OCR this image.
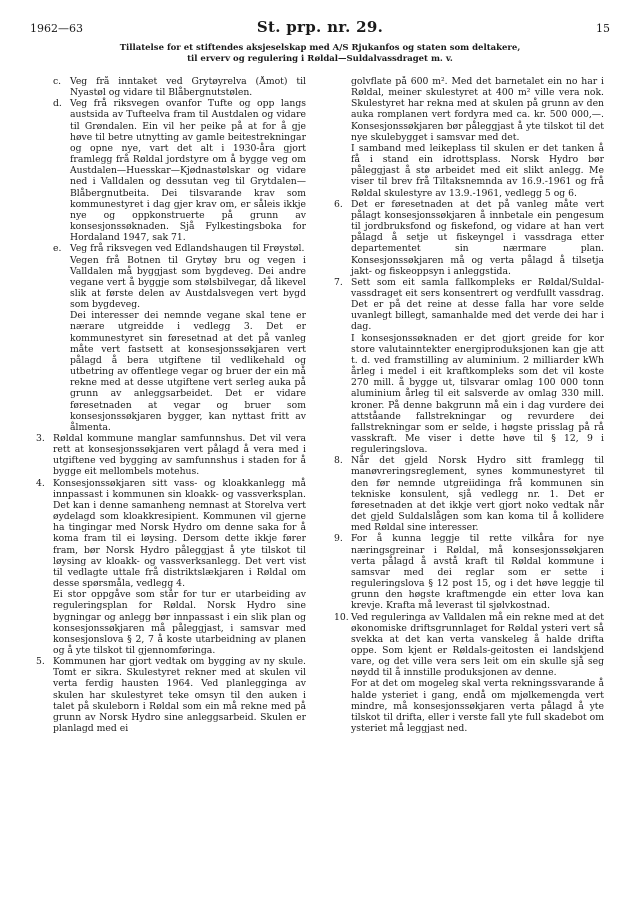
1962—63	St. prp. nr. 29.	15
Tillatelse for et stiftendes aksjeselskap med A/S Rjukanfos og staten som deltakere,
til erverv og regulering i Røldal—Suldalvassdraget m. v.
c. Veg frå inntaket ved Grytøyrelva (Åmot) til Nyastøl og vidare til Blåbergnutstølen.

d. Veg frå riksvegen ovanfor Tufte og opp langs austsida av Tufteelva fram til Austdalen og vidare til Grøndalen. Ein vil her peike på at for å gje høve til betre utnytting av gamle beitestrekningar og opne nye, vart det alt i 1930-åra gjort framlegg frå Røldal jordstyre om å bygge veg om Austdalen—Huesskar—Kjødnastølskar og vidare ned i Valldalen og dessutan veg til Grytdalen—Blåbergnutbeita. Dei tilsvarande krav som kommunestyret i dag gjer krav om, er såleis ikkje nye og oppkonstruerte på grunn av konsesjonssøknaden. Sjå Fylkestingsboka for Hordaland 1947, sak 71.

e. Veg frå riksvegen ved Edlandshaugen til Frøystøl.

Vegen frå Botnen til Grytøy bru og vegen i Valldalen må byggjast som bygdeveg. Dei andre vegane vert å byggje som stølsbilvegar, då likevel slik at første delen av Austdalsvegen vert bygd som bygdeveg.

Dei interesser dei nemnde vegane skal tene er nærare utgreidde i vedlegg 3. Det er kommunestyret sin føresetnad at det på vanleg måte vert fastsett at konsesjonssøkjaren vert pålagd å bera utgiftene til vedlikehald og utbetring av offentlege vegar og bruer der ein må rekne med at desse utgiftene vert serleg auka på grunn av anleggsarbeidet. Det er vidare føresetnaden at vegar og bruer som konsesjonssøkjaren bygger, kan nyttast fritt av ålmenta.

3. Røldal kommune manglar samfunnshus. Det vil vera rett at konsesjonssøkjaren vert pålagd å vera med i utgiftene ved bygging av samfunnshus i staden for å bygge eit mellombels motehus.

4. Konsesjonssøkjaren sitt vass- og kloakkanlegg må innpassast i kommunen sin kloakk- og vassverksplan. Det kan i denne samanheng nemnast at Storelva vert øydelagd som kloakkresipient. Kommunen vil gjerne ha tingingar med Norsk Hydro om denne saka for å koma fram til ei løysing. Dersom dette ikkje fører fram, bør Norsk Hydro påleggjast å yte tilskot til løysing av kloakk- og vassverksanlegg. Det vert vist til vedlagte uttale frå distriktslækjaren i Røldal om desse spørsmåla, vedlegg 4.

Ei stor oppgåve som står for tur er utarbeiding av reguleringsplan for Røldal. Norsk Hydro sine bygningar og anlegg bør innpassast i ein slik plan og konsesjonssøkjaren må påleggjast, i samsvar med konsesjonslova § 2, 7 å koste utarbeidning av planen og å yte tilskot til gjennomføringa.

5. Kommunen har gjort vedtak om bygging av ny skule. Tomt er sikra. Skulestyret rekner med at skulen vil verta ferdig hausten 1964. Ved planlegginga av skulen har skulestyret teke omsyn til den auken i talet på skuleborn i Røldal som ein må rekne med på grunn av Norsk Hydro sine anleggsarbeid. Skulen er planlagd med ei

golvflate på 600 m². Med det barnetalet ein no har i Røldal, meiner skulestyret at 400 m² ville vera nok. Skulestyret har rekna med at skulen på grunn av den auka romplanen vert fordyra med ca. kr. 500 000,—. Konsesjonssøkjaren bør påleggjast å yte tilskot til det nye skulebygget i samsvar med det.

I samband med leikeplass til skulen er det tanken å få i stand ein idrottsplass. Norsk Hydro bør påleggjast å stø arbeidet med eit slikt anlegg. Me viser til brev frå Tiltaksnemnda av 16.9.-1961 og frå Røldal skulestyre av 13.9.-1961, vedlegg 5 og 6.

6. Det er føresetnaden at det på vanleg måte vert pålagt konsesjonssøkjaren å innbetale ein pengesum til jordbruksfond og fiskefond, og vidare at han vert pålagd å setje ut fiskeyngel i vassdraga etter departementet sin nærmare plan. Konsesjonssøkjaren må og verta pålagd å tilsetja jakt- og fiskeoppsyn i anleggstida.

7. Sett som eit samla fallkompleks er Røldal/Suldal-vassdraget eit sers konsentrert og verdfullt vassdrag. Det er på det reine at desse falla har vore selde uvanlegt billegt, samanhalde med det verde dei har i dag.

I konsesjonssøknaden er det gjort greide for kor store valutainntekter energiproduksjonen kan gje att t. d. ved framstilling av aluminium. 2 milliarder kWh årleg i medel i eit kraftkompleks som det vil koste 270 mill. å bygge ut, tilsvarar omlag 100 000 tonn aluminium årleg til eit salsverde av omlag 330 mill. kroner. På denne bakgrunn må ein i dag vurdere dei attståande fallstrekningar og revurdere dei fallstrekningar som er selde, i høgste prisslag på rå vasskraft. Me viser i dette høve til § 12, 9 i reguleringslova.

8. Når det gjeld Norsk Hydro sitt framlegg til manøvreringsreglement, synes kommunestyret til den før nemnde utgreiidinga frå kommunen sin tekniske konsulent, sjå vedlegg nr. 1. Det er føresetnaden at det ikkje vert gjort noko vedtak når det gjeld Suldalslågen som kan koma til å kollidere med Røldal sine interesser.

9. For å kunna leggje til rette vilkåra for nye næringsgreinar i Røldal, må konsesjonssøkjaren verta pålagd å avstå kraft til Røldal kommune i samsvar med dei reglar som er sette i reguleringslova § 12 post 15, og i det høve leggje til grunn den høgste kraftmengde ein etter lova kan krevje. Krafta må leverast til sjølvkostnad.

10. Ved reguleringa av Valldalen må ein rekne med at det økonomiske driftsgrunnlaget for Røldal ysteri vert så svekka at det kan verta vanskeleg å halde drifta oppe. Som kjent er Røldals-geitosten ei landskjend vare, og det ville vera sers leit om ein skulle sjå seg nøydd til å innstille produksjonen av denne.

For at det om mogeleg skal verta rekningssvarande å halde ysteriet i gang, endå om mjølkemengda vert mindre, må konsesjonssøkjaren verta pålagd å yte tilskot til drifta, eller i verste fall yte full skadebot om ysteriet må leggjast ned.
